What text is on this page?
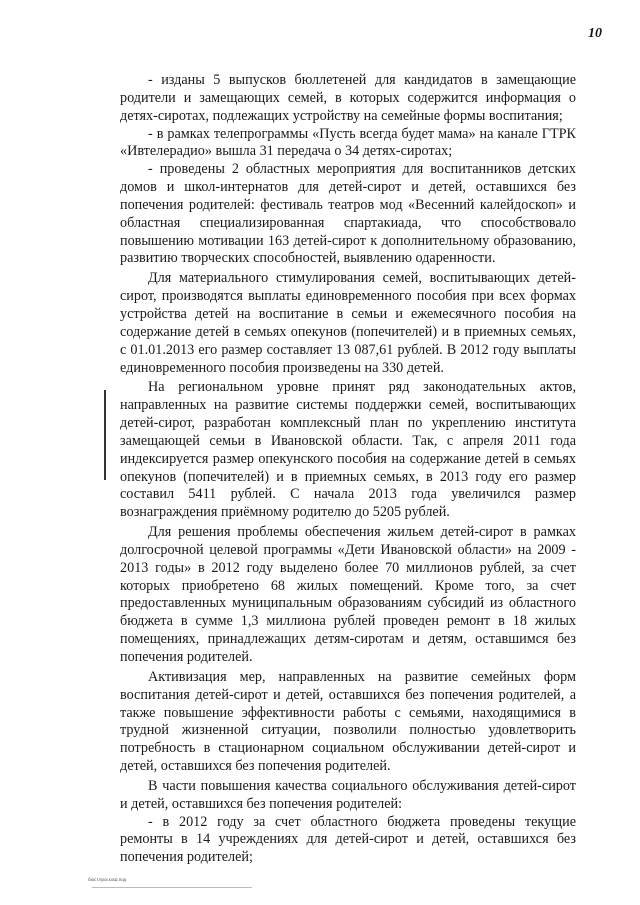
10

- изданы 5 выпусков бюллетеней для кандидатов в замещающие родители и замещающих семей, в которых содержится информация о детях-сиротах, подлежащих устройству на семейные формы воспитания;

- в рамках телепрограммы «Пусть всегда будет мама» на канале ГТРК «Ивтелерадио» вышла 31 передача о 34 детях-сиротах;

- проведены 2 областных мероприятия для воспитанников детских домов и школ-интернатов для детей-сирот и детей, оставшихся без попечения родителей: фестиваль театров мод «Весенний калейдоскоп» и областная специализированная спартакиада, что способствовало повышению мотивации 163 детей-сирот к дополнительному образованию, развитию творческих способностей, выявлению одаренности.

Для материального стимулирования семей, воспитывающих детей-сирот, производятся выплаты единовременного пособия при всех формах устройства детей на воспитание в семьи и ежемесячного пособия на содержание детей в семьях опекунов (попечителей) и в приемных семьях, с 01.01.2013 его размер составляет 13 087,61 рублей. В 2012 году выплаты единовременного пособия произведены на 330 детей.

На региональном уровне принят ряд законодательных актов, направленных на развитие системы поддержки семей, воспитывающих детей-сирот, разработан комплексный план по укреплению института замещающей семьи в Ивановской области. Так, с апреля 2011 года индексируется размер опекунского пособия на содержание детей в семьях опекунов (попечителей) и в приемных семьях, в 2013 году его размер составил 5411 рублей. С начала 2013 года увеличился размер вознаграждения приёмному родителю до 5205 рублей.

Для решения проблемы обеспечения жильем детей-сирот в рамках долгосрочной целевой программы «Дети Ивановской области» на 2009 - 2013 годы» в 2012 году выделено более 70 миллионов рублей, за счет которых приобретено 68 жилых помещений. Кроме того, за счет предоставленных муниципальным образованиям субсидий из областного бюджета в сумме 1,3 миллиона рублей проведен ремонт в 18 жилых помещениях, принадлежащих детям-сиротам и детям, оставшимся без попечения родителей.

Активизация мер, направленных на развитие семейных форм воспитания детей-сирот и детей, оставшихся без попечения родителей, а также повышение эффективности работы с семьями, находящимися в трудной жизненной ситуации, позволили полностью удовлетворить потребность в стационарном социальном обслуживании детей-сирот и детей, оставшихся без попечения родителей.

В части повышения качества социального обслуживания детей-сирот и детей, оставшихся без попечения родителей:

- в 2012 году за счет областного бюджета проведены текущие ремонты в 14 учреждениях для детей-сирот и детей, оставшихся без попечения родителей;

бюст.прог.коШ.под
